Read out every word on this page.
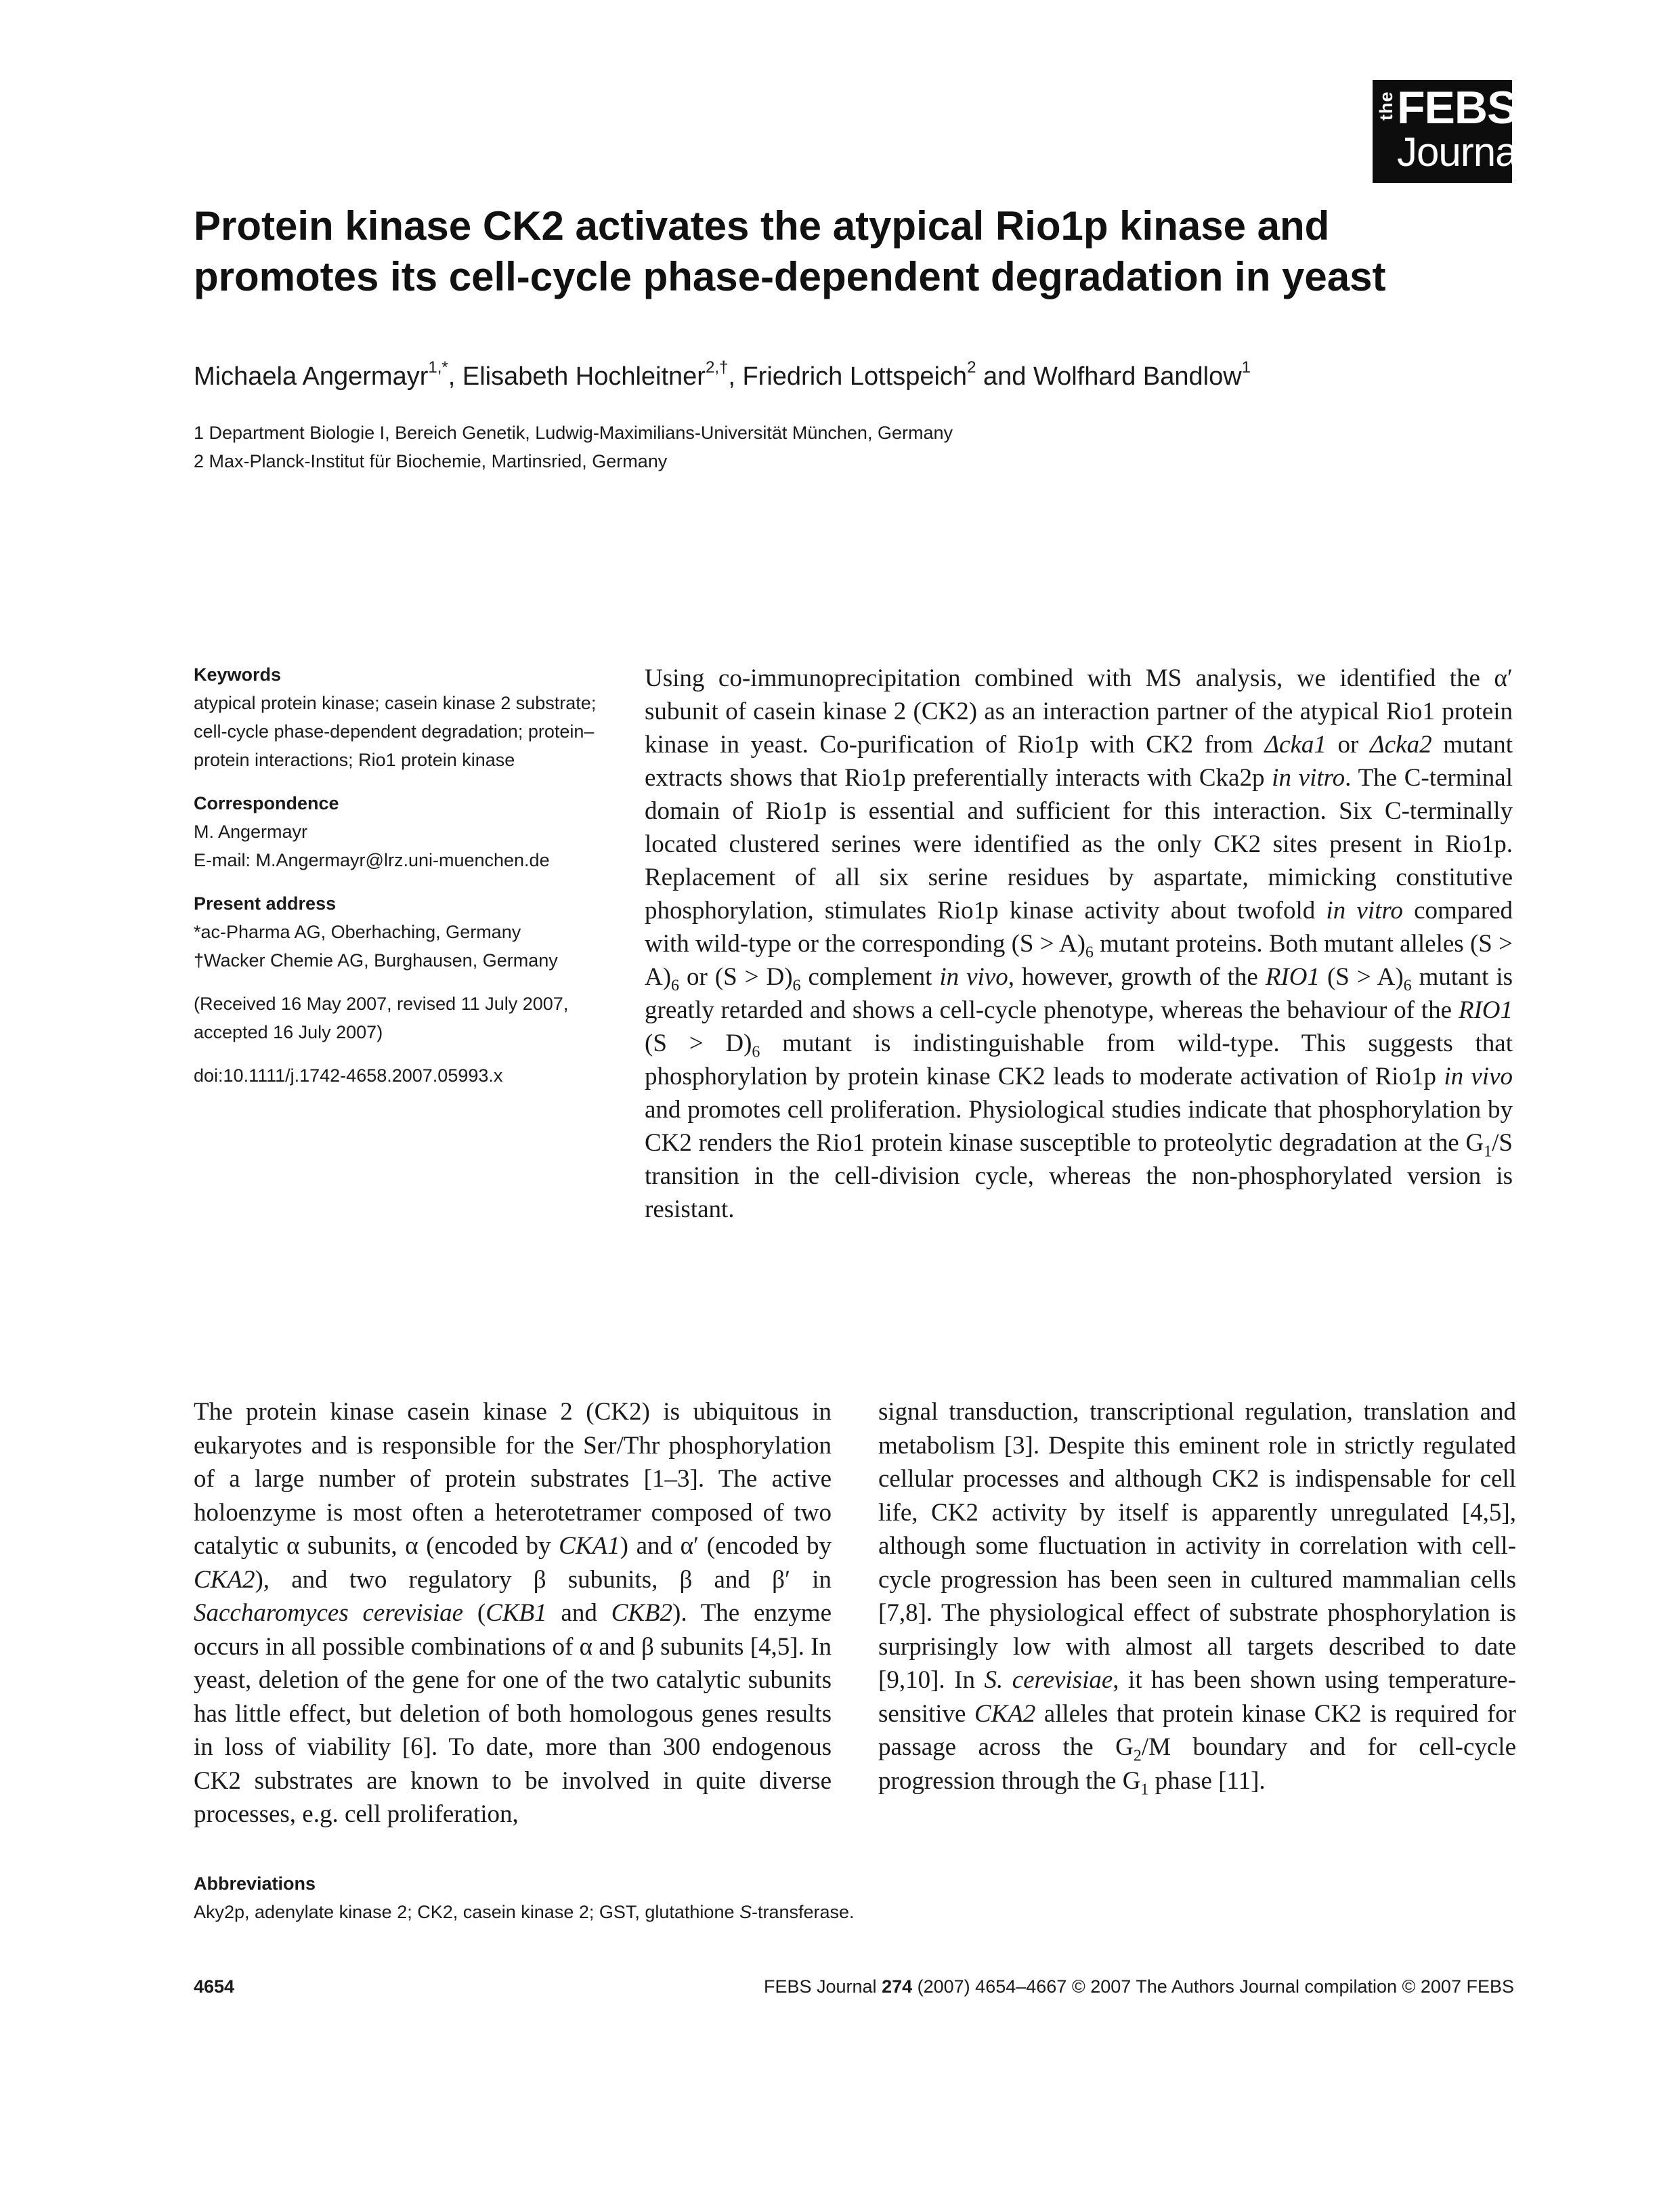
the FEBS
Journal
Protein kinase CK2 activates the atypical Rio1p kinase and promotes its cell-cycle phase-dependent degradation in yeast
Michaela Angermayr$^{1,*}$, Elisabeth Hochleitner$^{2,\dagger}$, Friedrich Lottspeich$^2$ and Wolfhard Bandlow$^1$
1 Department Biologie I, Bereich Genetik, Ludwig-Maximilians-Universität München, Germany
2 Max-Planck-Institut für Biochemie, Martinsried, Germany
Keywords
atypical protein kinase; casein kinase 2 substrate; cell-cycle phase-dependent degradation; protein–protein interactions; Rio1 protein kinase
Correspondence
M. Angermayr
E-mail: M.Angermayr@lrz.uni-muenchen.de
Present address
*ac-Pharma AG, Oberhaching, Germany
†Wacker Chemie AG, Burghausen, Germany
(Received 16 May 2007, revised 11 July 2007, accepted 16 July 2007)
doi:10.1111/j.1742-4658.2007.05993.x
Using co-immunoprecipitation combined with MS analysis, we identified the α′ subunit of casein kinase 2 (CK2) as an interaction partner of the atypical Rio1 protein kinase in yeast. Co-purification of Rio1p with CK2 from Δcka1 or Δcka2 mutant extracts shows that Rio1p preferentially interacts with Cka2p in vitro. The C-terminal domain of Rio1p is essential and sufficient for this interaction. Six C-terminally located clustered serines were identified as the only CK2 sites present in Rio1p. Replacement of all six serine residues by aspartate, mimicking constitutive phosphorylation, stimulates Rio1p kinase activity about twofold in vitro compared with wild-type or the corresponding $(S > A)_6$ mutant proteins. Both mutant alleles $(S > A)_6$ or $(S > D)_6$ complement in vivo, however, growth of the RIO1 $(S > A)_6$ mutant is greatly retarded and shows a cell-cycle phenotype, whereas the behaviour of the RIO1 $(S > D)_6$ mutant is indistinguishable from wild-type. This suggests that phosphorylation by protein kinase CK2 leads to moderate activation of Rio1p in vivo and promotes cell proliferation. Physiological studies indicate that phosphorylation by CK2 renders the Rio1 protein kinase susceptible to proteolytic degradation at the $G_1/S$ transition in the cell-division cycle, whereas the non-phosphorylated version is resistant.
The protein kinase casein kinase 2 (CK2) is ubiquitous in eukaryotes and is responsible for the Ser/Thr phosphorylation of a large number of protein substrates [1–3]. The active holoenzyme is most often a heterotetramer composed of two catalytic α subunits, α (encoded by CKA1) and α′ (encoded by CKA2), and two regulatory β subunits, β and β′ in Saccharomyces cerevisiae (CKB1 and CKB2). The enzyme occurs in all possible combinations of α and β subunits [4,5]. In yeast, deletion of the gene for one of the two catalytic subunits has little effect, but deletion of both homologous genes results in loss of viability [6]. To date, more than 300 endogenous CK2 substrates are known to be involved in quite diverse processes, e.g. cell proliferation,
signal transduction, transcriptional regulation, translation and metabolism [3]. Despite this eminent role in strictly regulated cellular processes and although CK2 is indispensable for cell life, CK2 activity by itself is apparently unregulated [4,5], although some fluctuation in activity in correlation with cell-cycle progression has been seen in cultured mammalian cells [7,8]. The physiological effect of substrate phosphorylation is surprisingly low with almost all targets described to date [9,10]. In S. cerevisiae, it has been shown using temperature-sensitive CKA2 alleles that protein kinase CK2 is required for passage across the $G_2/M$ boundary and for cell-cycle progression through the $G_1$ phase [11].
Abbreviations
Aky2p, adenylate kinase 2; CK2, casein kinase 2; GST, glutathione S-transferase.
4654	FEBS Journal 274 (2007) 4654–4667 © 2007 The Authors Journal compilation © 2007 FEBS
